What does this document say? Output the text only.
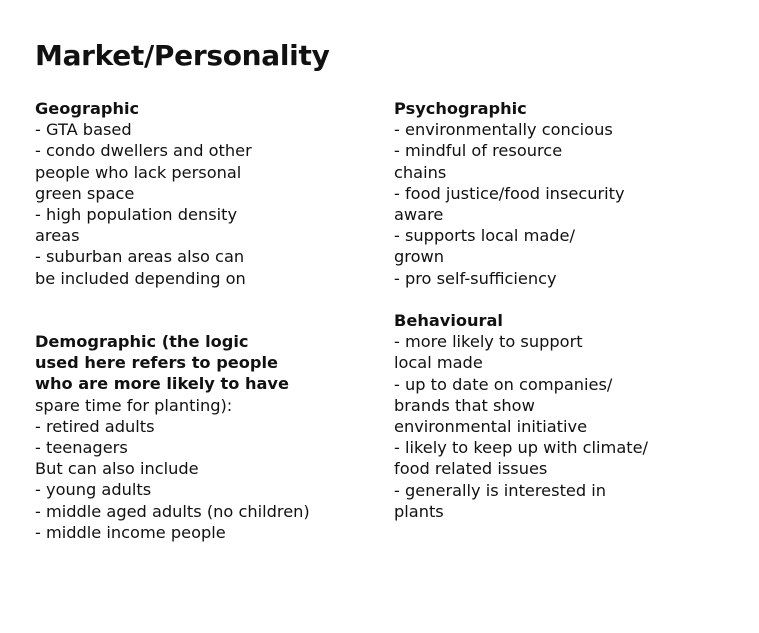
Market/Personality
Geographic
- GTA based
- condo dwellers and other
people who lack personal
green space
- high population density
areas
- suburban areas also can
be included depending on
Demographic (the logic
used here refers to people
who are more likely to have
spare time for planting):
- retired adults
- teenagers
But can also include
- young adults
- middle aged adults (no children)
- middle income people
Psychographic
- environmentally concious
- mindful of resource
chains
- food justice/food insecurity
aware
- supports local made/
grown
- pro self-sufficiency
Behavioural
- more likely to support
local made
- up to date on companies/
brands that show
environmental initiative
- likely to keep up with climate/
food related issues
- generally is interested in
plants
